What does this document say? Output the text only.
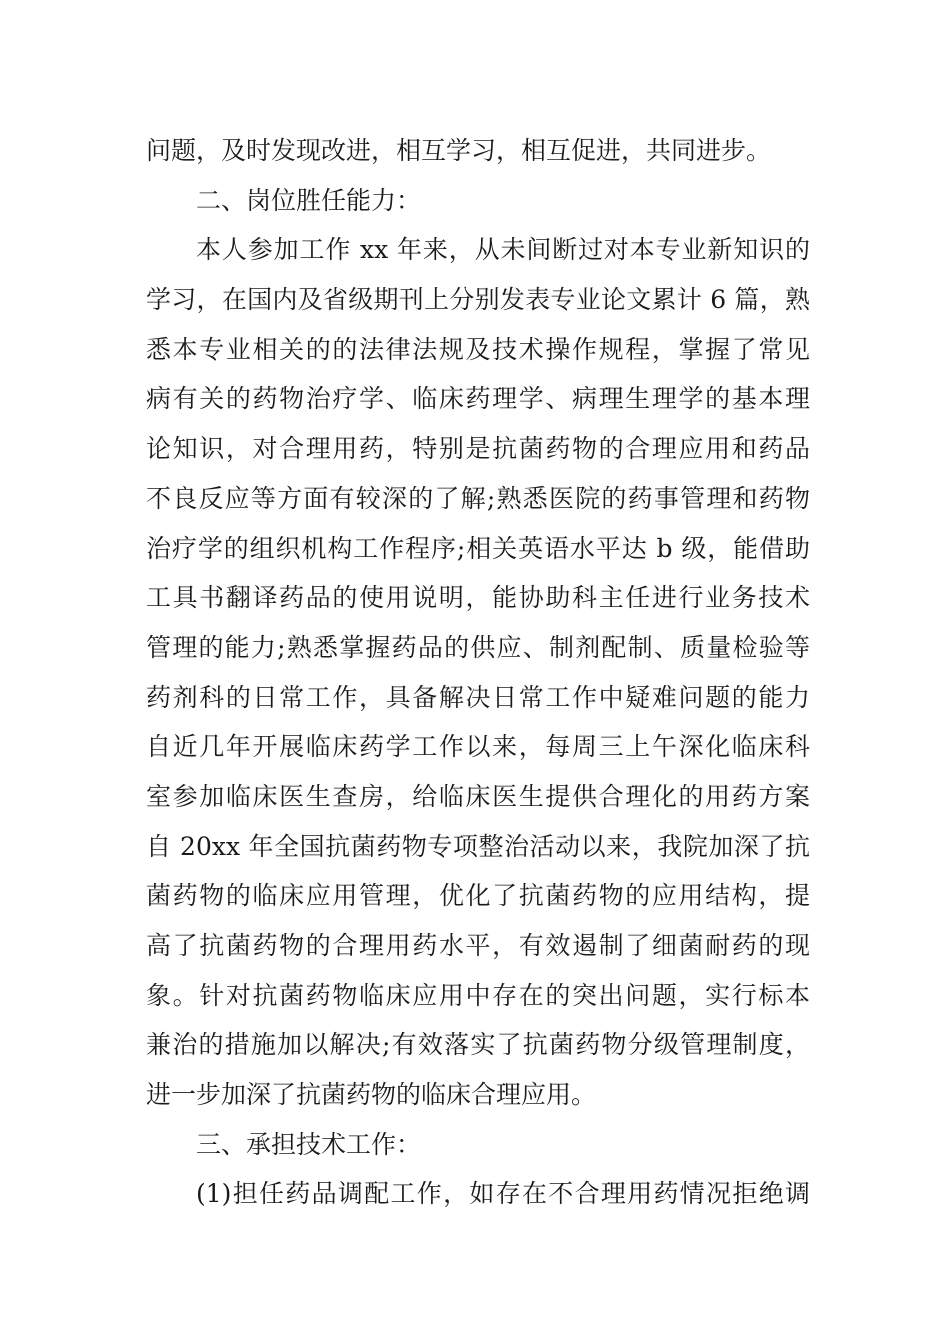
问题，及时发现改进，相互学习，相互促进，共同进步。
二、岗位胜任能力：
本人参加工作 xx 年来，从未间断过对本专业新知识的
学习，在国内及省级期刊上分别发表专业论文累计 6 篇，熟
悉本专业相关的的法律法规及技术操作规程，掌握了常见
病有关的药物治疗学、临床药理学、病理生理学的基本理
论知识，对合理用药，特别是抗菌药物的合理应用和药品
不良反应等方面有较深的了解;熟悉医院的药事管理和药物
治疗学的组织机构工作程序;相关英语水平达 b 级，能借助
工具书翻译药品的使用说明，能协助科主任进行业务技术
管理的能力;熟悉掌握药品的供应、制剂配制、质量检验等
药剂科的日常工作，具备解决日常工作中疑难问题的能力
自近几年开展临床药学工作以来，每周三上午深化临床科
室参加临床医生查房，给临床医生提供合理化的用药方案
自 20xx 年全国抗菌药物专项整治活动以来，我院加深了抗
菌药物的临床应用管理，优化了抗菌药物的应用结构，提
高了抗菌药物的合理用药水平，有效遏制了细菌耐药的现
象。针对抗菌药物临床应用中存在的突出问题，实行标本
兼治的措施加以解决;有效落实了抗菌药物分级管理制度，
进一步加深了抗菌药物的临床合理应用。
三、承担技术工作：
(1)担任药品调配工作，如存在不合理用药情况拒绝调
